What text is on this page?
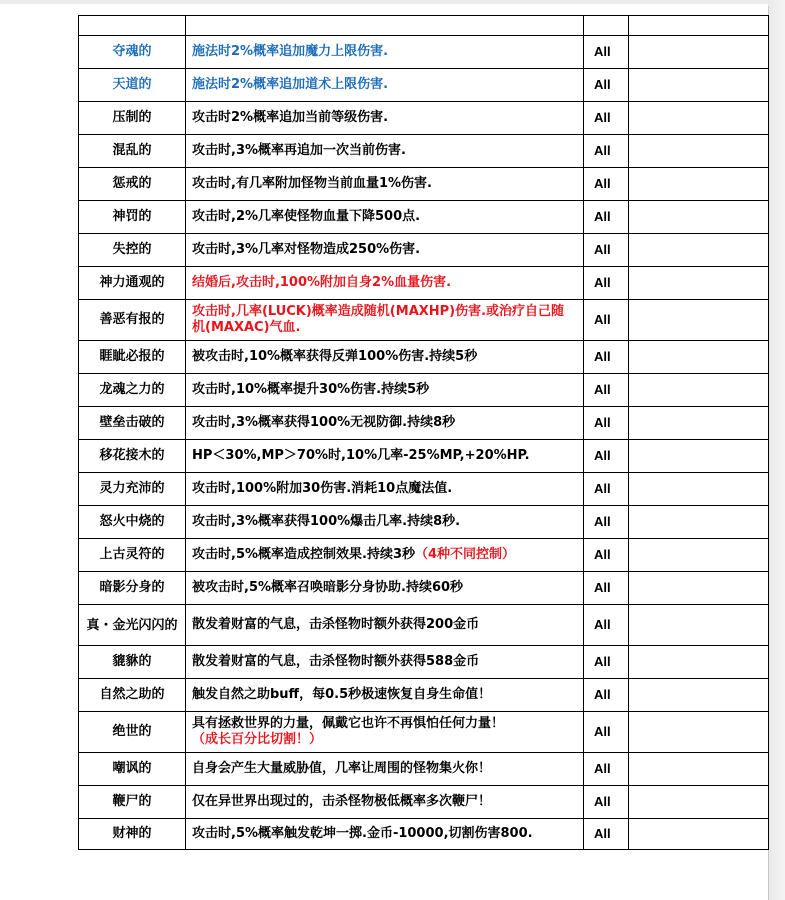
夺魂的	施法时2%概率追加魔力上限伤害.	All	
天道的	施法时2%概率追加道术上限伤害.	All	
压制的	攻击时2%概率追加当前等级伤害.	All	
混乱的	攻击时,3%概率再追加一次当前伤害.	All	
惩戒的	攻击时,有几率附加怪物当前血量1%伤害.	All	
神罚的	攻击时,2%几率使怪物血量下降500点.	All	
失控的	攻击时,3%几率对怪物造成250%伤害.	All	
神力通观的	结婚后,攻击时,100%附加自身2%血量伤害.	All	
善恶有报的	攻击时,几率(LUCK)概率造成随机(MAXHP)伤害.或治疗自己随机(MAXAC)气血.	All	
睚眦必报的	被攻击时,10%概率获得反弹100%伤害.持续5秒	All	
龙魂之力的	攻击时,10%概率提升30%伤害.持续5秒	All	
壁垒击破的	攻击时,3%概率获得100%无视防御.持续8秒	All	
移花接木的	HP＜30%,MP＞70%时,10%几率-25%MP,+20%HP.	All	
灵力充沛的	攻击时,100%附加30伤害.消耗10点魔法值.	All	
怒火中烧的	攻击时,3%概率获得100%爆击几率.持续8秒.	All	
上古灵符的	攻击时,5%概率造成控制效果.持续3秒（4种不同控制）	All	
暗影分身的	被攻击时,5%概率召唤暗影分身协助.持续60秒	All	
真・金光闪闪的	散发着财富的气息，击杀怪物时额外获得200金币	All	
貔貅的	散发着财富的气息，击杀怪物时额外获得588金币	All	
自然之助的	触发自然之助buff，每0.5秒极速恢复自身生命值！	All	
绝世的	具有拯救世界的力量，佩戴它也许不再惧怕任何力量！
（成长百分比切割！）	All	
嘲讽的	自身会产生大量威胁值，几率让周围的怪物集火你！	All	
鞭尸的	仅在异世界出现过的，击杀怪物极低概率多次鞭尸！	All	
财神的	攻击时,5%概率触发乾坤一掷.金币-10000,切割伤害800.	All	
